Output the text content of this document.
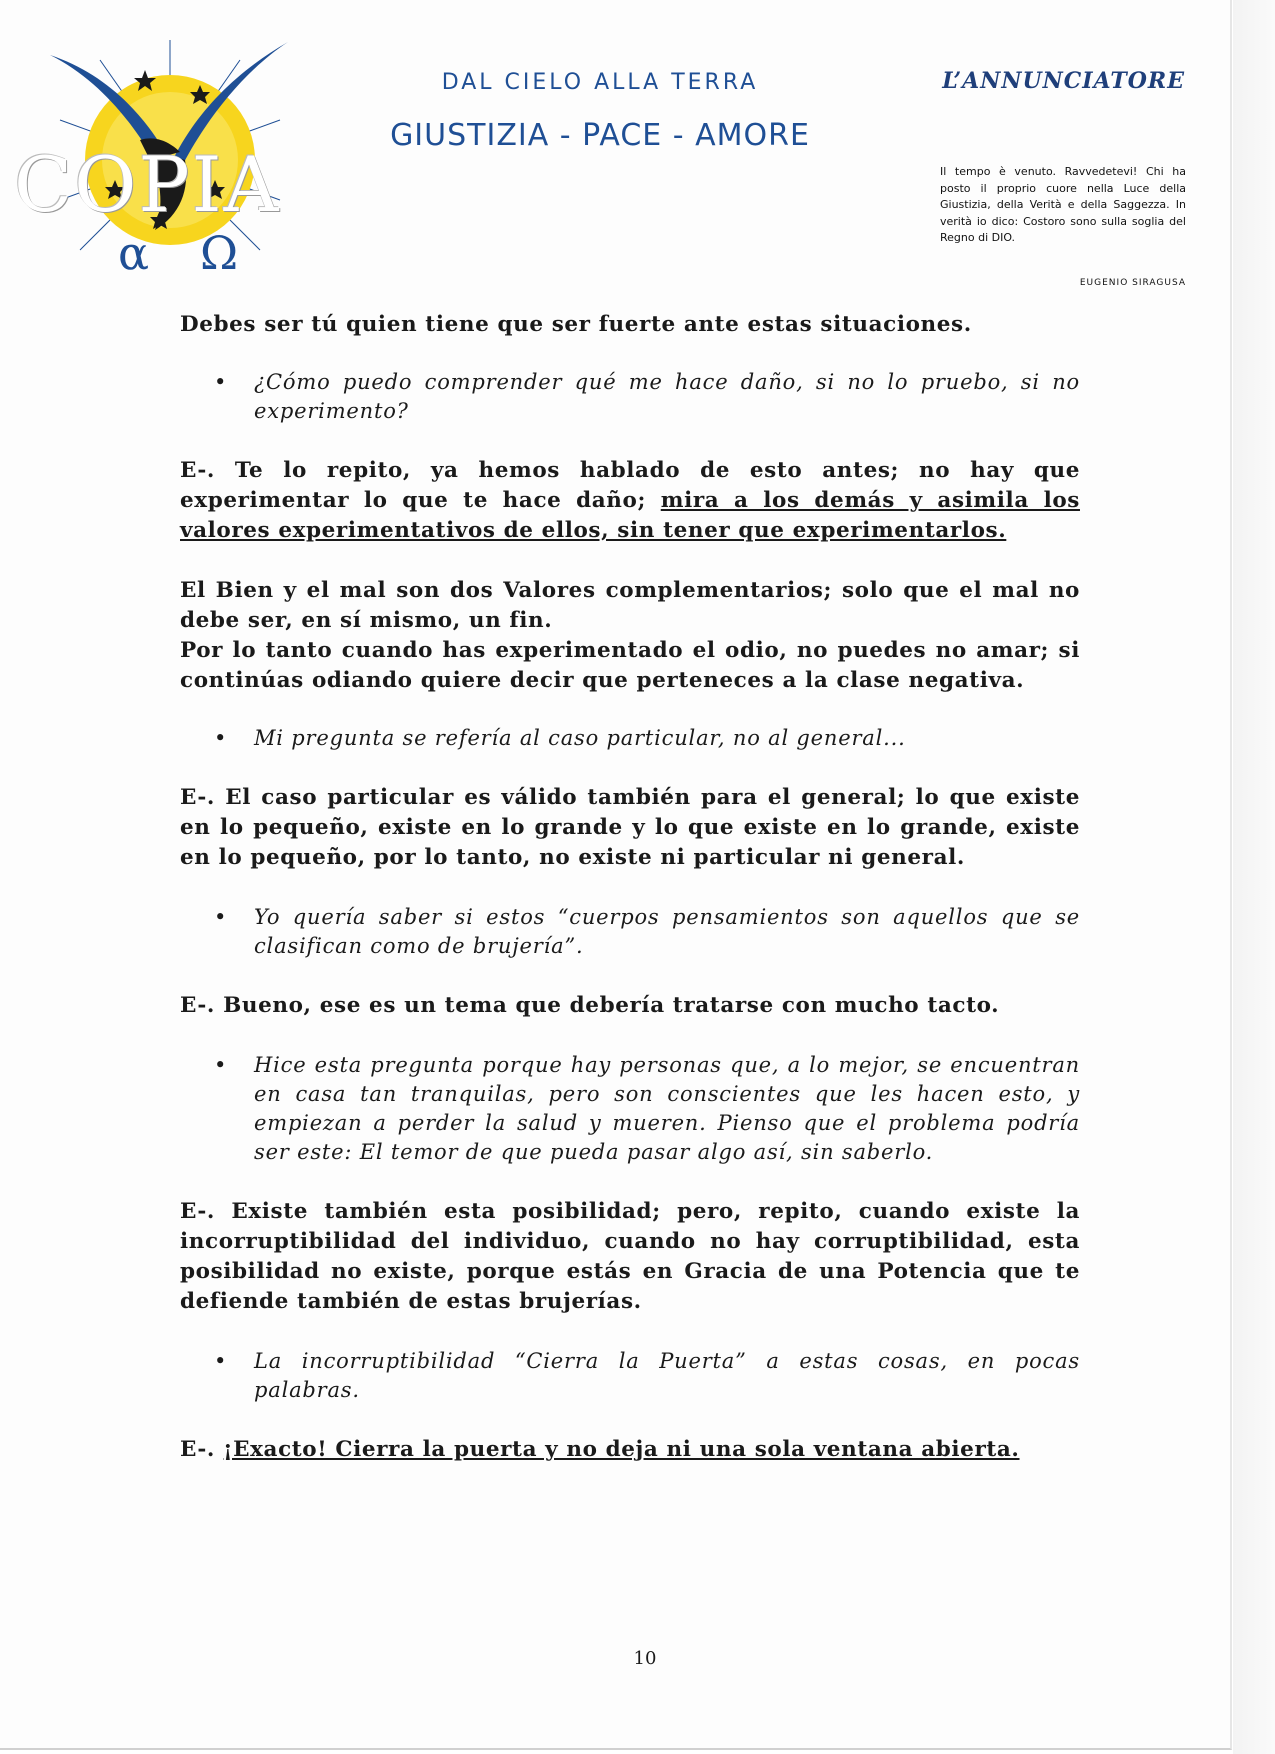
α Ω
COPIA
DAL CIELO ALLA TERRA
GIUSTIZIA - PACE - AMORE
L’ANNUNCIATORE
Il tempo è venuto. Ravvedetevi! Chi ha posto il proprio cuore nella Luce della Giustizia, della Verità e della Saggezza. In verità io dico: Costoro sono sulla soglia del Regno di DIO.
EUGENIO SIRAGUSA

Debes ser tú quien tiene que ser fuerte ante estas situaciones.

• ¿Cómo puedo comprender qué me hace daño, si no lo pruebo, si no experimento?

E-. Te lo repito, ya hemos hablado de esto antes; no hay que experimentar lo que te hace daño; mira a los demás y asimila los valores experimentativos de ellos, sin tener que experimentarlos.

El Bien y el mal son dos Valores complementarios; solo que el mal no debe ser, en sí mismo, un fin.

Por lo tanto cuando has experimentado el odio, no puedes no amar; si continúas odiando quiere decir que perteneces a la clase negativa.

• Mi pregunta se refería al caso particular, no al general...

E-. El caso particular es válido también para el general; lo que existe en lo pequeño, existe en lo grande y lo que existe en lo grande, existe en lo pequeño, por lo tanto, no existe ni particular ni general.

• Yo quería saber si estos “cuerpos pensamientos son aquellos que se clasifican como de brujería”.

E-. Bueno, ese es un tema que debería tratarse con mucho tacto.

• Hice esta pregunta porque hay personas que, a lo mejor, se encuentran en casa tan tranquilas, pero son conscientes que les hacen esto, y empiezan a perder la salud y mueren. Pienso que el problema podría ser este: El temor de que pueda pasar algo así, sin saberlo.

E-. Existe también esta posibilidad; pero, repito, cuando existe la incorruptibilidad del individuo, cuando no hay corruptibilidad, esta posibilidad no existe, porque estás en Gracia de una Potencia que te defiende también de estas brujerías.

• La incorruptibilidad “Cierra la Puerta” a estas cosas, en pocas palabras.

E-. ¡Exacto! Cierra la puerta y no deja ni una sola ventana abierta.

10
